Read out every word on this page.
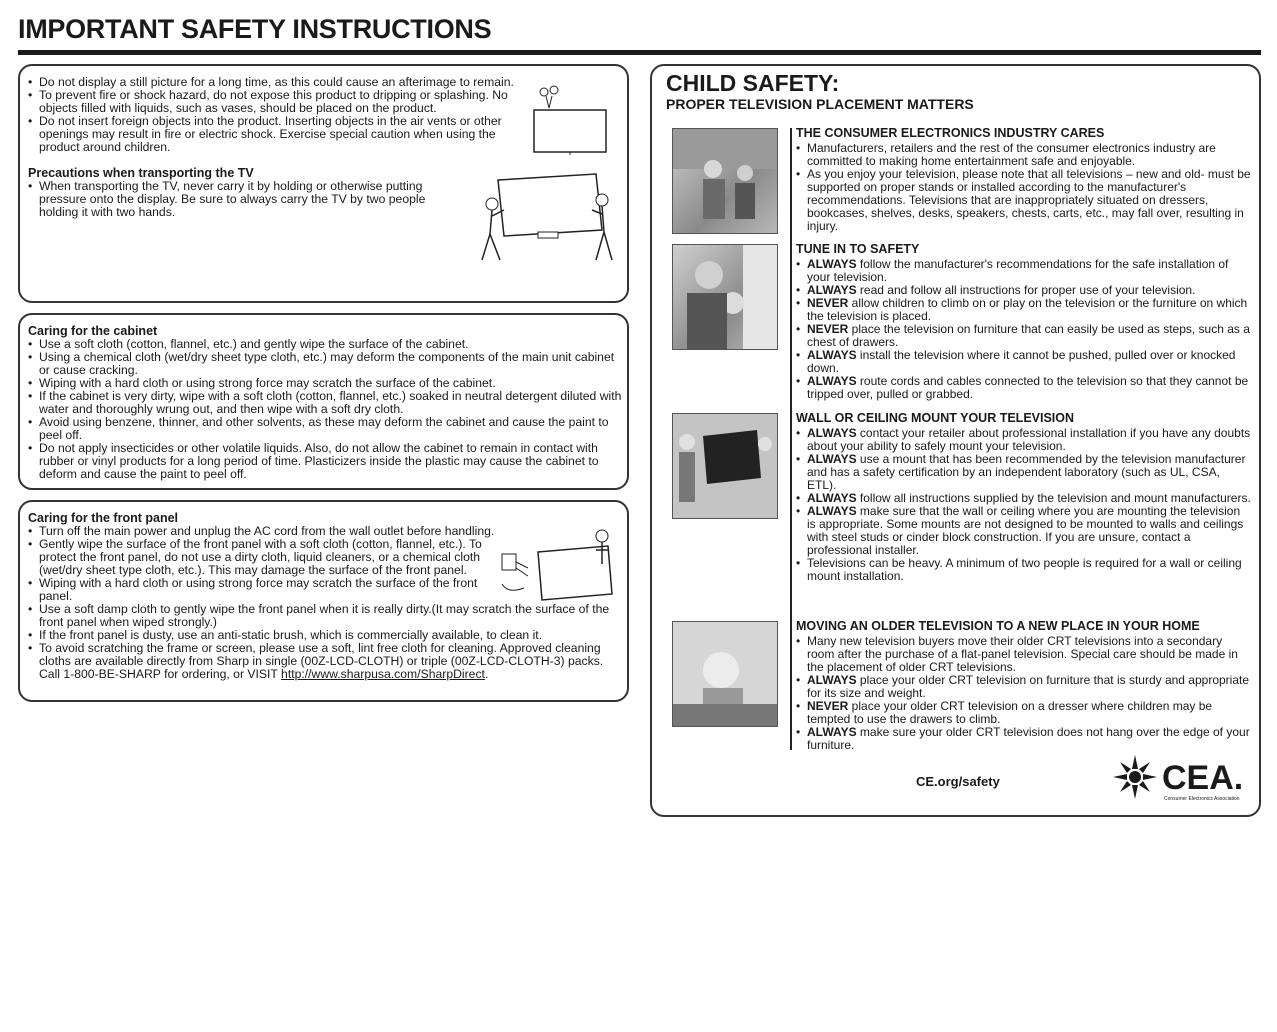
IMPORTANT SAFETY INSTRUCTIONS
• Do not display a still picture for a long time, as this could cause an afterimage to remain.
• To prevent fire or shock hazard, do not expose this product to dripping or splashing. No objects filled with liquids, such as vases, should be placed on the product.
• Do not insert foreign objects into the product. Inserting objects in the air vents or other openings may result in fire or electric shock. Exercise special caution when using the product around children.
Precautions when transporting the TV
• When transporting the TV, never carry it by holding or otherwise putting pressure onto the display. Be sure to always carry the TV by two people holding it with two hands.
Caring for the cabinet
• Use a soft cloth (cotton, flannel, etc.) and gently wipe the surface of the cabinet.
• Using a chemical cloth (wet/dry sheet type cloth, etc.) may deform the components of the main unit cabinet or cause cracking.
• Wiping with a hard cloth or using strong force may scratch the surface of the cabinet.
• If the cabinet is very dirty, wipe with a soft cloth (cotton, flannel, etc.) soaked in neutral detergent diluted with water and thoroughly wrung out, and then wipe with a soft dry cloth.
• Avoid using benzene, thinner, and other solvents, as these may deform the cabinet and cause the paint to peel off.
• Do not apply insecticides or other volatile liquids. Also, do not allow the cabinet to remain in contact with rubber or vinyl products for a long period of time. Plasticizers inside the plastic may cause the cabinet to deform and cause the paint to peel off.
Caring for the front panel
• Turn off the main power and unplug the AC cord from the wall outlet before handling.
• Gently wipe the surface of the front panel with a soft cloth (cotton, flannel, etc.). To protect the front panel, do not use a dirty cloth, liquid cleaners, or a chemical cloth (wet/dry sheet type cloth, etc.). This may damage the surface of the front panel.
• Wiping with a hard cloth or using strong force may scratch the surface of the front panel.
• Use a soft damp cloth to gently wipe the front panel when it is really dirty.(It may scratch the surface of the front panel when wiped strongly.)
• If the front panel is dusty, use an anti-static brush, which is commercially available, to clean it.
• To avoid scratching the frame or screen, please use a soft, lint free cloth for cleaning. Approved cleaning cloths are available directly from Sharp in single (00Z-LCD-CLOTH) or triple (00Z-LCD-CLOTH-3) packs. Call 1-800-BE-SHARP for ordering, or VISIT http://www.sharpusa.com/SharpDirect.
CHILD SAFETY:
PROPER TELEVISION PLACEMENT MATTERS
THE CONSUMER ELECTRONICS INDUSTRY CARES
• Manufacturers, retailers and the rest of the consumer electronics industry are committed to making home entertainment safe and enjoyable.
• As you enjoy your television, please note that all televisions – new and old- must be supported on proper stands or installed according to the manufacturer's recommendations. Televisions that are inappropriately situated on dressers, bookcases, shelves, desks, speakers, chests, carts, etc., may fall over, resulting in injury.
TUNE IN TO SAFETY
• ALWAYS follow the manufacturer's recommendations for the safe installation of your television.
• ALWAYS read and follow all instructions for proper use of your television.
• NEVER allow children to climb on or play on the television or the furniture on which the television is placed.
• NEVER place the television on furniture that can easily be used as steps, such as a chest of drawers.
• ALWAYS install the television where it cannot be pushed, pulled over or knocked down.
• ALWAYS route cords and cables connected to the television so that they cannot be tripped over, pulled or grabbed.
WALL OR CEILING MOUNT YOUR TELEVISION
• ALWAYS contact your retailer about professional installation if you have any doubts about your ability to safely mount your television.
• ALWAYS use a mount that has been recommended by the television manufacturer and has a safety certification by an independent laboratory (such as UL, CSA, ETL).
• ALWAYS follow all instructions supplied by the television and mount manufacturers.
• ALWAYS make sure that the wall or ceiling where you are mounting the television is appropriate. Some mounts are not designed to be mounted to walls and ceilings with steel studs or cinder block construction. If you are unsure, contact a professional installer.
• Televisions can be heavy. A minimum of two people is required for a wall or ceiling mount installation.
MOVING AN OLDER TELEVISION TO A NEW PLACE IN YOUR HOME
• Many new television buyers move their older CRT televisions into a secondary room after the purchase of a flat-panel television. Special care should be made in the placement of older CRT televisions.
• ALWAYS place your older CRT television on furniture that is sturdy and appropriate for its size and weight.
• NEVER place your older CRT television on a dresser where children may be tempted to use the drawers to climb.
• ALWAYS make sure your older CRT television does not hang over the edge of your furniture.
CE.org/safety	CEA.
Consumer Electronics Association
